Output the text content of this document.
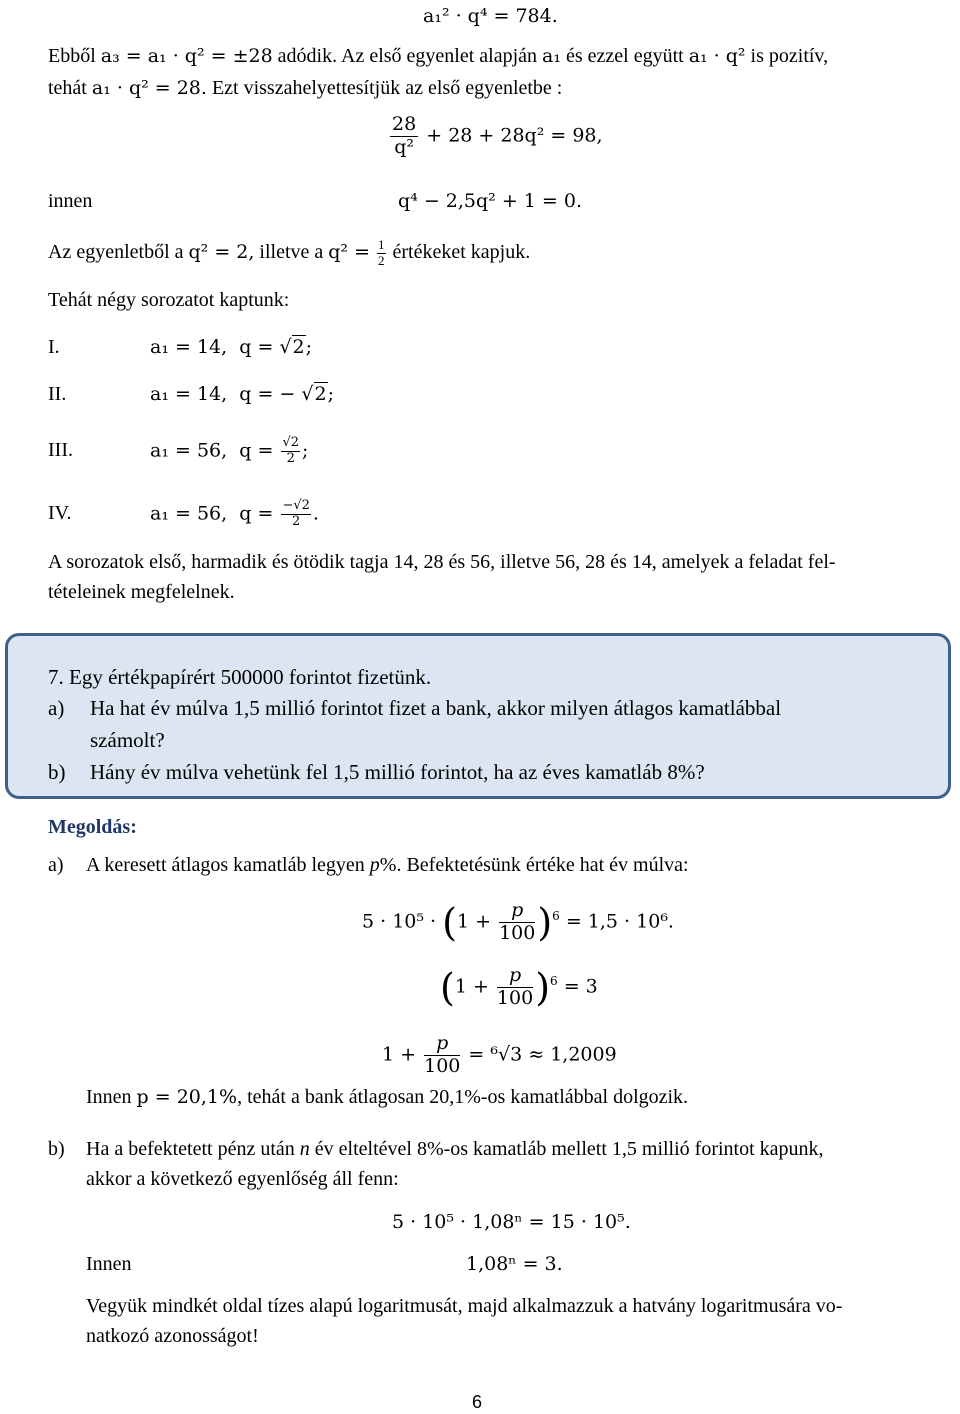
a₁² · q⁴ = 784.
Ebből a₃ = a₁ · q² = ±28 adódik. Az első egyenlet alapján a₁ és ezzel együtt a₁ · q² is pozitív,
tehát a₁ · q² = 28. Ezt visszahelyettesítjük az első egyenletbe :
$\frac{28}{\text{q²}} + 28 + 28q^2 = 98$,
innen	q⁴ − 2,5q² + 1 = 0.
Az egyenletből a q² = 2, illetve a $q^2 = \frac{1}{2}$ értékeket kapjuk.
Tehát négy sorozatot kaptunk:
I.	a₁ = 14, q = √2;
II.	a₁ = 14, q = − √2;
III.	a₁ = 56, $q = \frac{√2}{2}$ ;
IV.	a₁ = 56, $q = \frac{-√2}{2}$ .
A sorozatok első, harmadik és ötödik tagja 14, 28 és 56, illetve 56, 28 és 14, amelyek a feladat fel-
tételeinek megfelelnek.
7. Egy értékpapírért 500000 forintot fizetünk.
a) Ha hat év múlva 1,5 millió forintot fizet a bank, akkor milyen átlagos kamatlábbal
számolt?
b) Hány év múlva vehetünk fel 1,5 millió forintot, ha az éves kamatláb 8%?
Megoldás:
a) A keresett átlagos kamatláb legyen p%. Befektetésünk értéke hat év múlva:
$5 \cdot 10^5 \cdot (1 + \frac{p}{100} )^6 = 1,5 \cdot 10^6$.
$(1 + \frac{p}{100} )^6 = 3$
$1 + \frac{p}{100} = ^6√3 \approx 1,2009$
Innen p = 20,1%, tehát a bank átlagosan 20,1%-os kamatlábbal dolgozik.
b) Ha a befektetett pénz után n év elteltével 8%-os kamatláb mellett 1,5 millió forintot kapunk,
akkor a következő egyenlőség áll fenn:
5 · 10⁵ · 1,08ⁿ = 15 · 10⁵.
Innen	1,08ⁿ = 3.
Vegyük mindkét oldal tízes alapú logaritmusát, majd alkalmazzuk a hatvány logaritmusára vo-
natkozó azonosságot!
6
